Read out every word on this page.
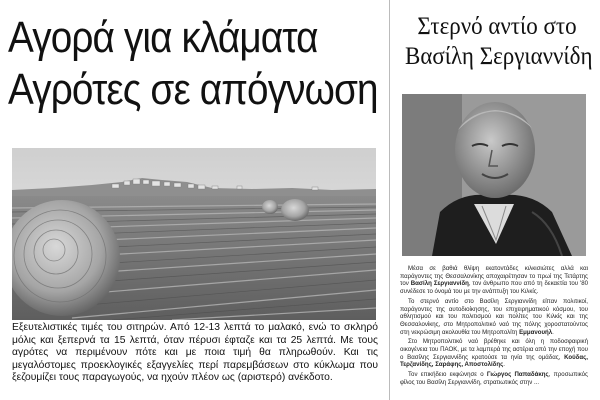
Αγορά για κλάματα
Αγρότες σε απόγνωση

Εξευτελιστικές τιμές του σιτηρών. Από 12-13 λεπτά το μαλακό, ενώ το σκληρό μόλις και ξεπερνά τα 15 λεπτά, όταν πέρυσι έφταζε και τα 25 λεπτά. Με τους αγρότες να περιμένουν πότε και με ποια τιμή θα πληρωθούν. Και τις μεγαλόστομες προεκλογικές εξαγγελίες περί παρεμβάσεων στο κύκλωμα που ξεζουμίζει τους παραγωγούς, να ηχούν πλέον ως (αριστερό) ανέκδοτο.

Στερνό αντίο στο
Βασίλη Σεργιαννίδη

Μέσα σε βαθιά θλίψη εκατοντάδες κιλκισιώτες αλλά και παράγοντες της Θεσσαλονίκης αποχαιρέτησαν το πρωί της Τετάρτης τον Βασίλη Σεργιαννίδη, τον άνθρωπο που από τη δεκαετία του '80 συνέδεσε το όνομά του με την ανάπτυξη του Κιλκίς.

Το στερνό αντίο στο Βασίλη Σεργιαννίδη είπαν πολιτικοί, παράγοντες της αυτοδιοίκησης, του επιχειρηματικού κόσμου, του αθλητισμού και του πολιτισμού και πολίτες του Κιλκίς και της Θεσσαλονίκης, στο Μητροπολιτικό ναό της πόλης χοροστατούντος στη νεκρώσιμη ακολουθία του Μητροπολίτη Εμμανουήλ.

Στο Μητροπολιτικό ναό βρέθηκε και όλη η ποδοσφαιρική οικογένεια του ΠΑΟΚ, με τα λαμπερά της αστέρια από την εποχή που ο Βασίλης Σεργιαννίδης κρατούσε τα ηνία της ομάδας, Κούδας, Τερζανίδης, Σαράφης, Αποστολίδης.

Τον επικήδειο εκφώνησε ο Γιώργος Παπαδάκης, προσωπικός φίλος του Βασίλη Σεργιαννίδη, στρατιωτικός στην ...
